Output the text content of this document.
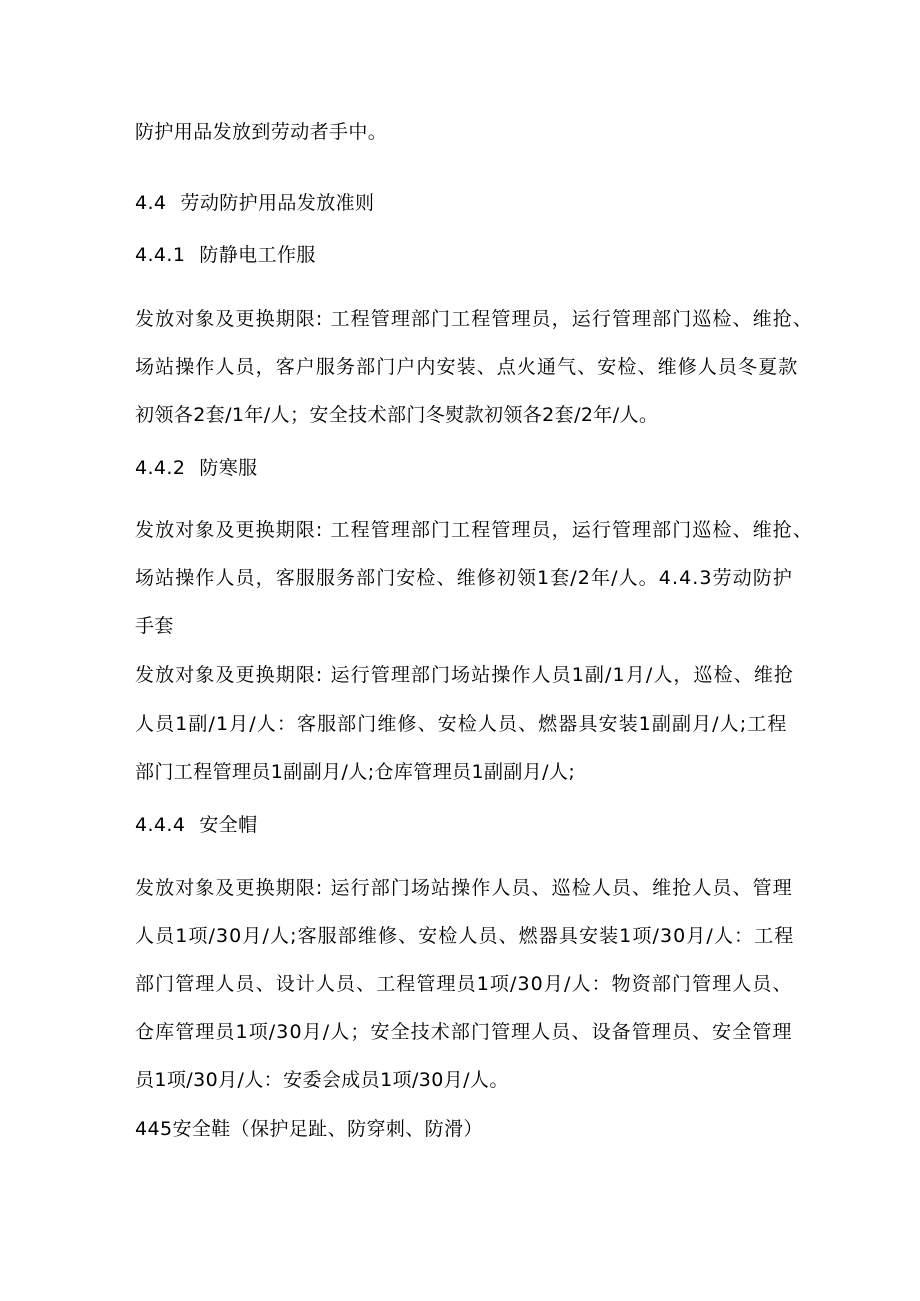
防护用品发放到劳动者手中。
4.4 劳动防护用品发放准则
4.4.1 防静电工作服
发放对象及更换期限: 工程管理部门工程管理员，运行管理部门巡检、维抢、
场站操作人员，客户服务部门户内安装、点火通气、安检、维修人员冬夏款
初领各2套/1年/人；安全技术部门冬熨款初领各2套/2年/人。
4.4.2 防寒服
发放对象及更换期限: 工程管理部门工程管理员，运行管理部门巡检、维抢、
场站操作人员，客服服务部门安检、维修初领1套/2年/人。4.4.3劳动防护
手套
发放对象及更换期限: 运行管理部门场站操作人员1副/1月/人，巡检、维抢
人员1副/1月/人：客服部门维修、安检人员、燃器具安装1副副月/人;工程
部门工程管理员1副副月/人;仓库管理员1副副月/人;
4.4.4 安全帽
发放对象及更换期限: 运行部门场站操作人员、巡检人员、维抢人员、管理
人员1项/30月/人;客服部维修、安检人员、燃器具安装1项/30月/人：工程
部门管理人员、设计人员、工程管理员1项/30月/人：物资部门管理人员、
仓库管理员1项/30月/人；安全技术部门管理人员、设备管理员、安全管理
员1项/30月/人：安委会成员1项/30月/人。
445安全鞋（保护足趾、防穿刺、防滑）
